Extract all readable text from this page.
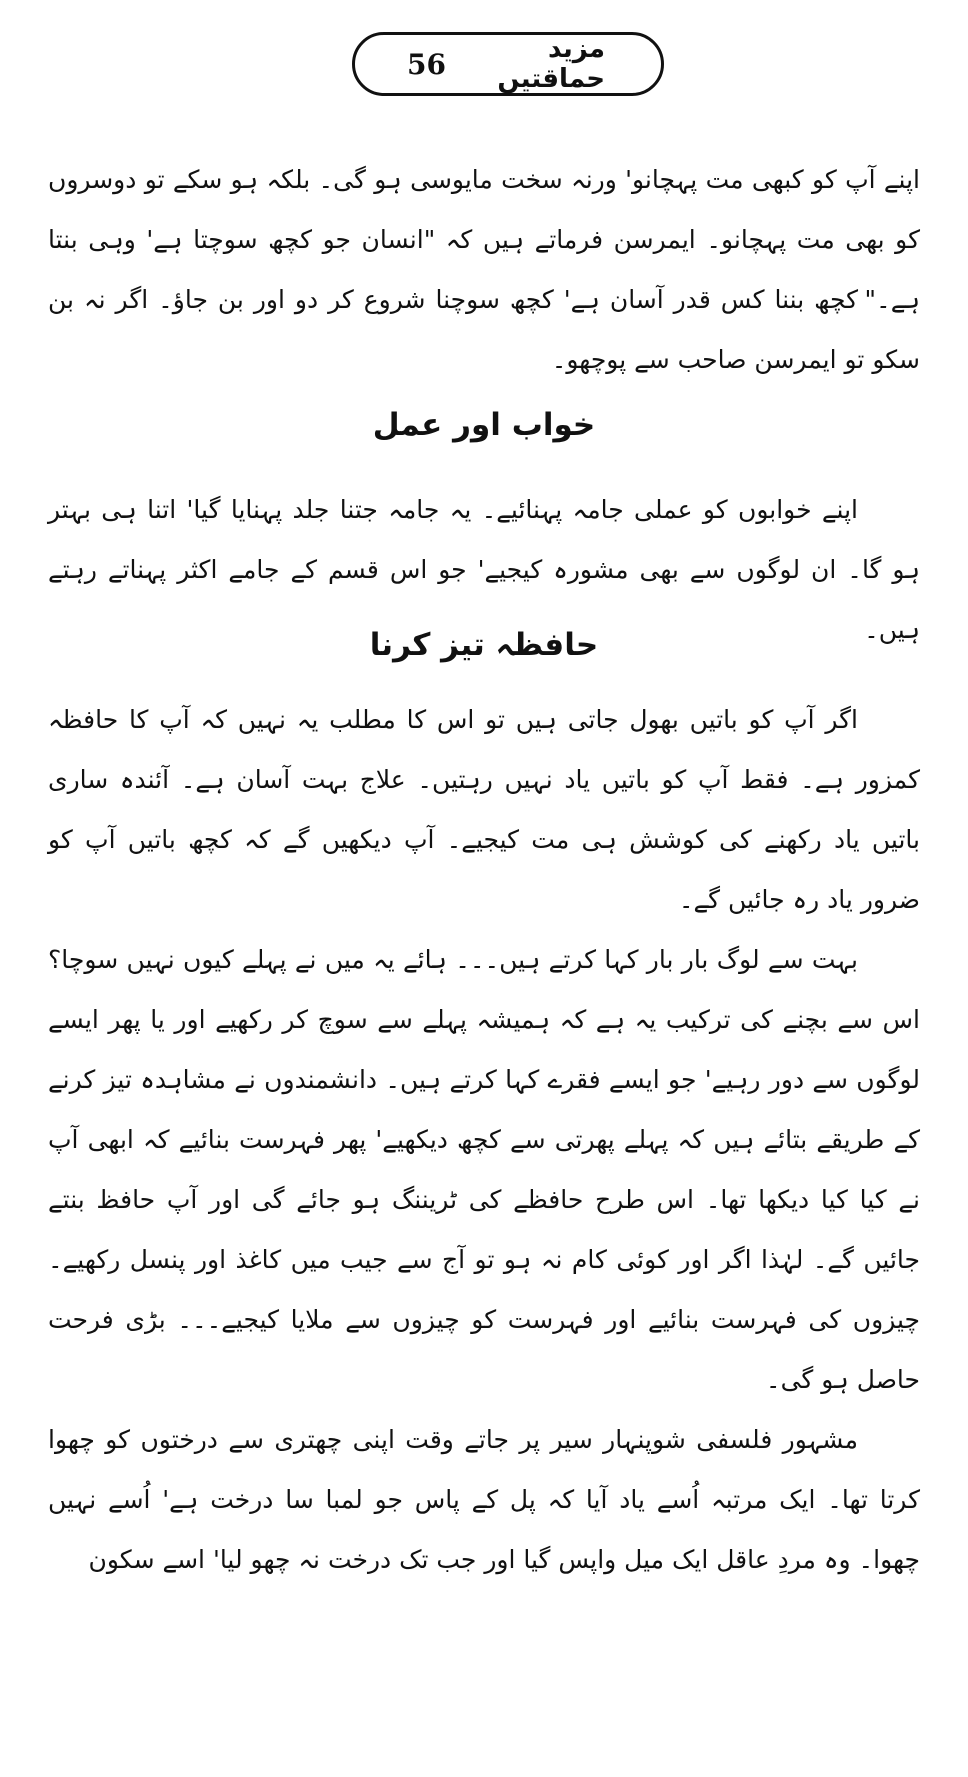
56	مزید حماقتیں

اپنے آپ کو کبھی مت پہچانو' ورنہ سخت مایوسی ہو گی۔ بلکہ ہو سکے تو دوسروں کو بھی مت پہچانو۔ ایمرسن فرماتے ہیں کہ "انسان جو کچھ سوچتا ہے' وہی بنتا ہے۔"

کچھ بننا کس قدر آسان ہے' کچھ سوچنا شروع کر دو اور بن جاؤ۔ اگر نہ بن سکو تو ایمرسن صاحب سے پوچھو۔

خواب اور عمل

اپنے خوابوں کو عملی جامہ پہنائیے۔ یہ جامہ جتنا جلد پہنایا گیا' اتنا ہی بہتر ہو گا۔ ان لوگوں سے بھی مشورہ کیجیے' جو اس قسم کے جامے اکثر پہناتے رہتے ہیں۔

حافظہ تیز کرنا

اگر آپ کو باتیں بھول جاتی ہیں تو اس کا مطلب یہ نہیں کہ آپ کا حافظہ کمزور ہے۔ فقط آپ کو باتیں یاد نہیں رہتیں۔ علاج بہت آسان ہے۔ آئندہ ساری باتیں یاد رکھنے کی کوشش ہی مت کیجیے۔ آپ دیکھیں گے کہ کچھ باتیں آپ کو ضرور یاد رہ جائیں گے۔

بہت سے لوگ بار بار کہا کرتے ہیں۔۔۔ ہائے یہ میں نے پہلے کیوں نہیں سوچا؟ اس سے بچنے کی ترکیب یہ ہے کہ ہمیشہ پہلے سے سوچ کر رکھیے اور یا پھر ایسے لوگوں سے دور رہیے' جو ایسے فقرے کہا کرتے ہیں۔ دانشمندوں نے مشاہدہ تیز کرنے کے طریقے بتائے ہیں کہ پہلے پھرتی سے کچھ دیکھیے' پھر فہرست بنائیے کہ ابھی آپ نے کیا کیا دیکھا تھا۔ اس طرح حافظے کی ٹریننگ ہو جائے گی اور آپ حافظ بنتے جائیں گے۔ لہٰذا اگر اور کوئی کام نہ ہو تو آج سے جیب میں کاغذ اور پنسل رکھیے۔ چیزوں کی فہرست بنائیے اور فہرست کو چیزوں سے ملایا کیجیے۔۔۔ بڑی فرحت حاصل ہو گی۔

مشہور فلسفی شوپنہار سیر پر جاتے وقت اپنی چھتری سے درختوں کو چھوا کرتا تھا۔ ایک مرتبہ اُسے یاد آیا کہ پل کے پاس جو لمبا سا درخت ہے' اُسے نہیں چھوا۔ وہ مردِ عاقل ایک میل واپس گیا اور جب تک درخت نہ چھو لیا' اسے سکون
